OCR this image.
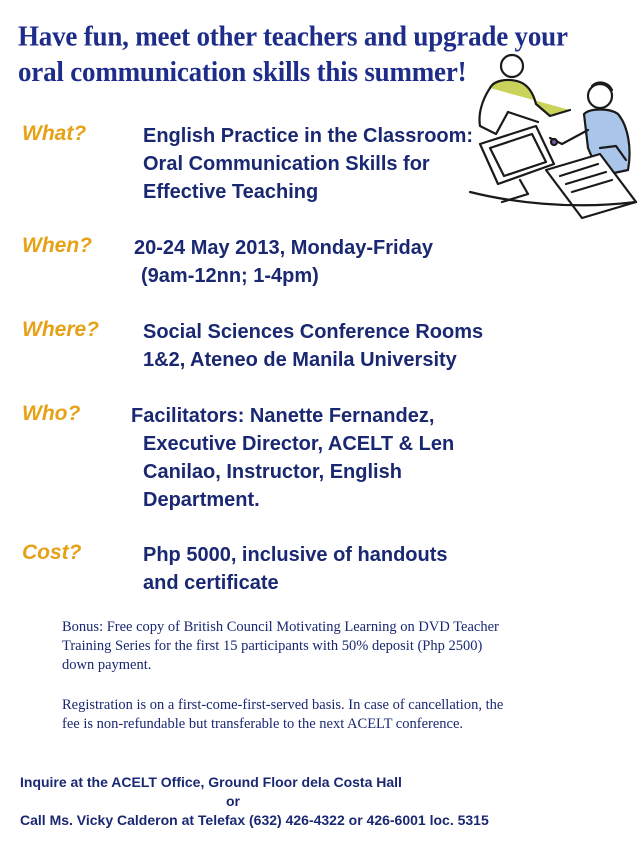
Have fun, meet other teachers and upgrade your
oral communication skills this summer!
What?	English Practice in the Classroom:
Oral Communication Skills for
Effective Teaching
When? 20-24 May 2013, Monday-Friday
(9am-12nn; 1-4pm)
Where? Social Sciences Conference Rooms
1&2, Ateneo de Manila University
Who?	Facilitators: Nanette Fernandez,
Executive Director, ACELT & Len
Canilao, Instructor, English
Department.
Cost?	Php 5000, inclusive of handouts
and certificate
Bonus: Free copy of British Council Motivating Learning on DVD Teacher
Training Series for the first 15 participants with 50% deposit (Php 2500)
down payment.
Registration is on a first-come-first-served basis. In case of cancellation, the
fee is non-refundable but transferable to the next ACELT conference.
Inquire at the ACELT Office, Ground Floor dela Costa Hall
or
Call Ms. Vicky Calderon at Telefax (632) 426-4322 or 426-6001 loc. 5315
